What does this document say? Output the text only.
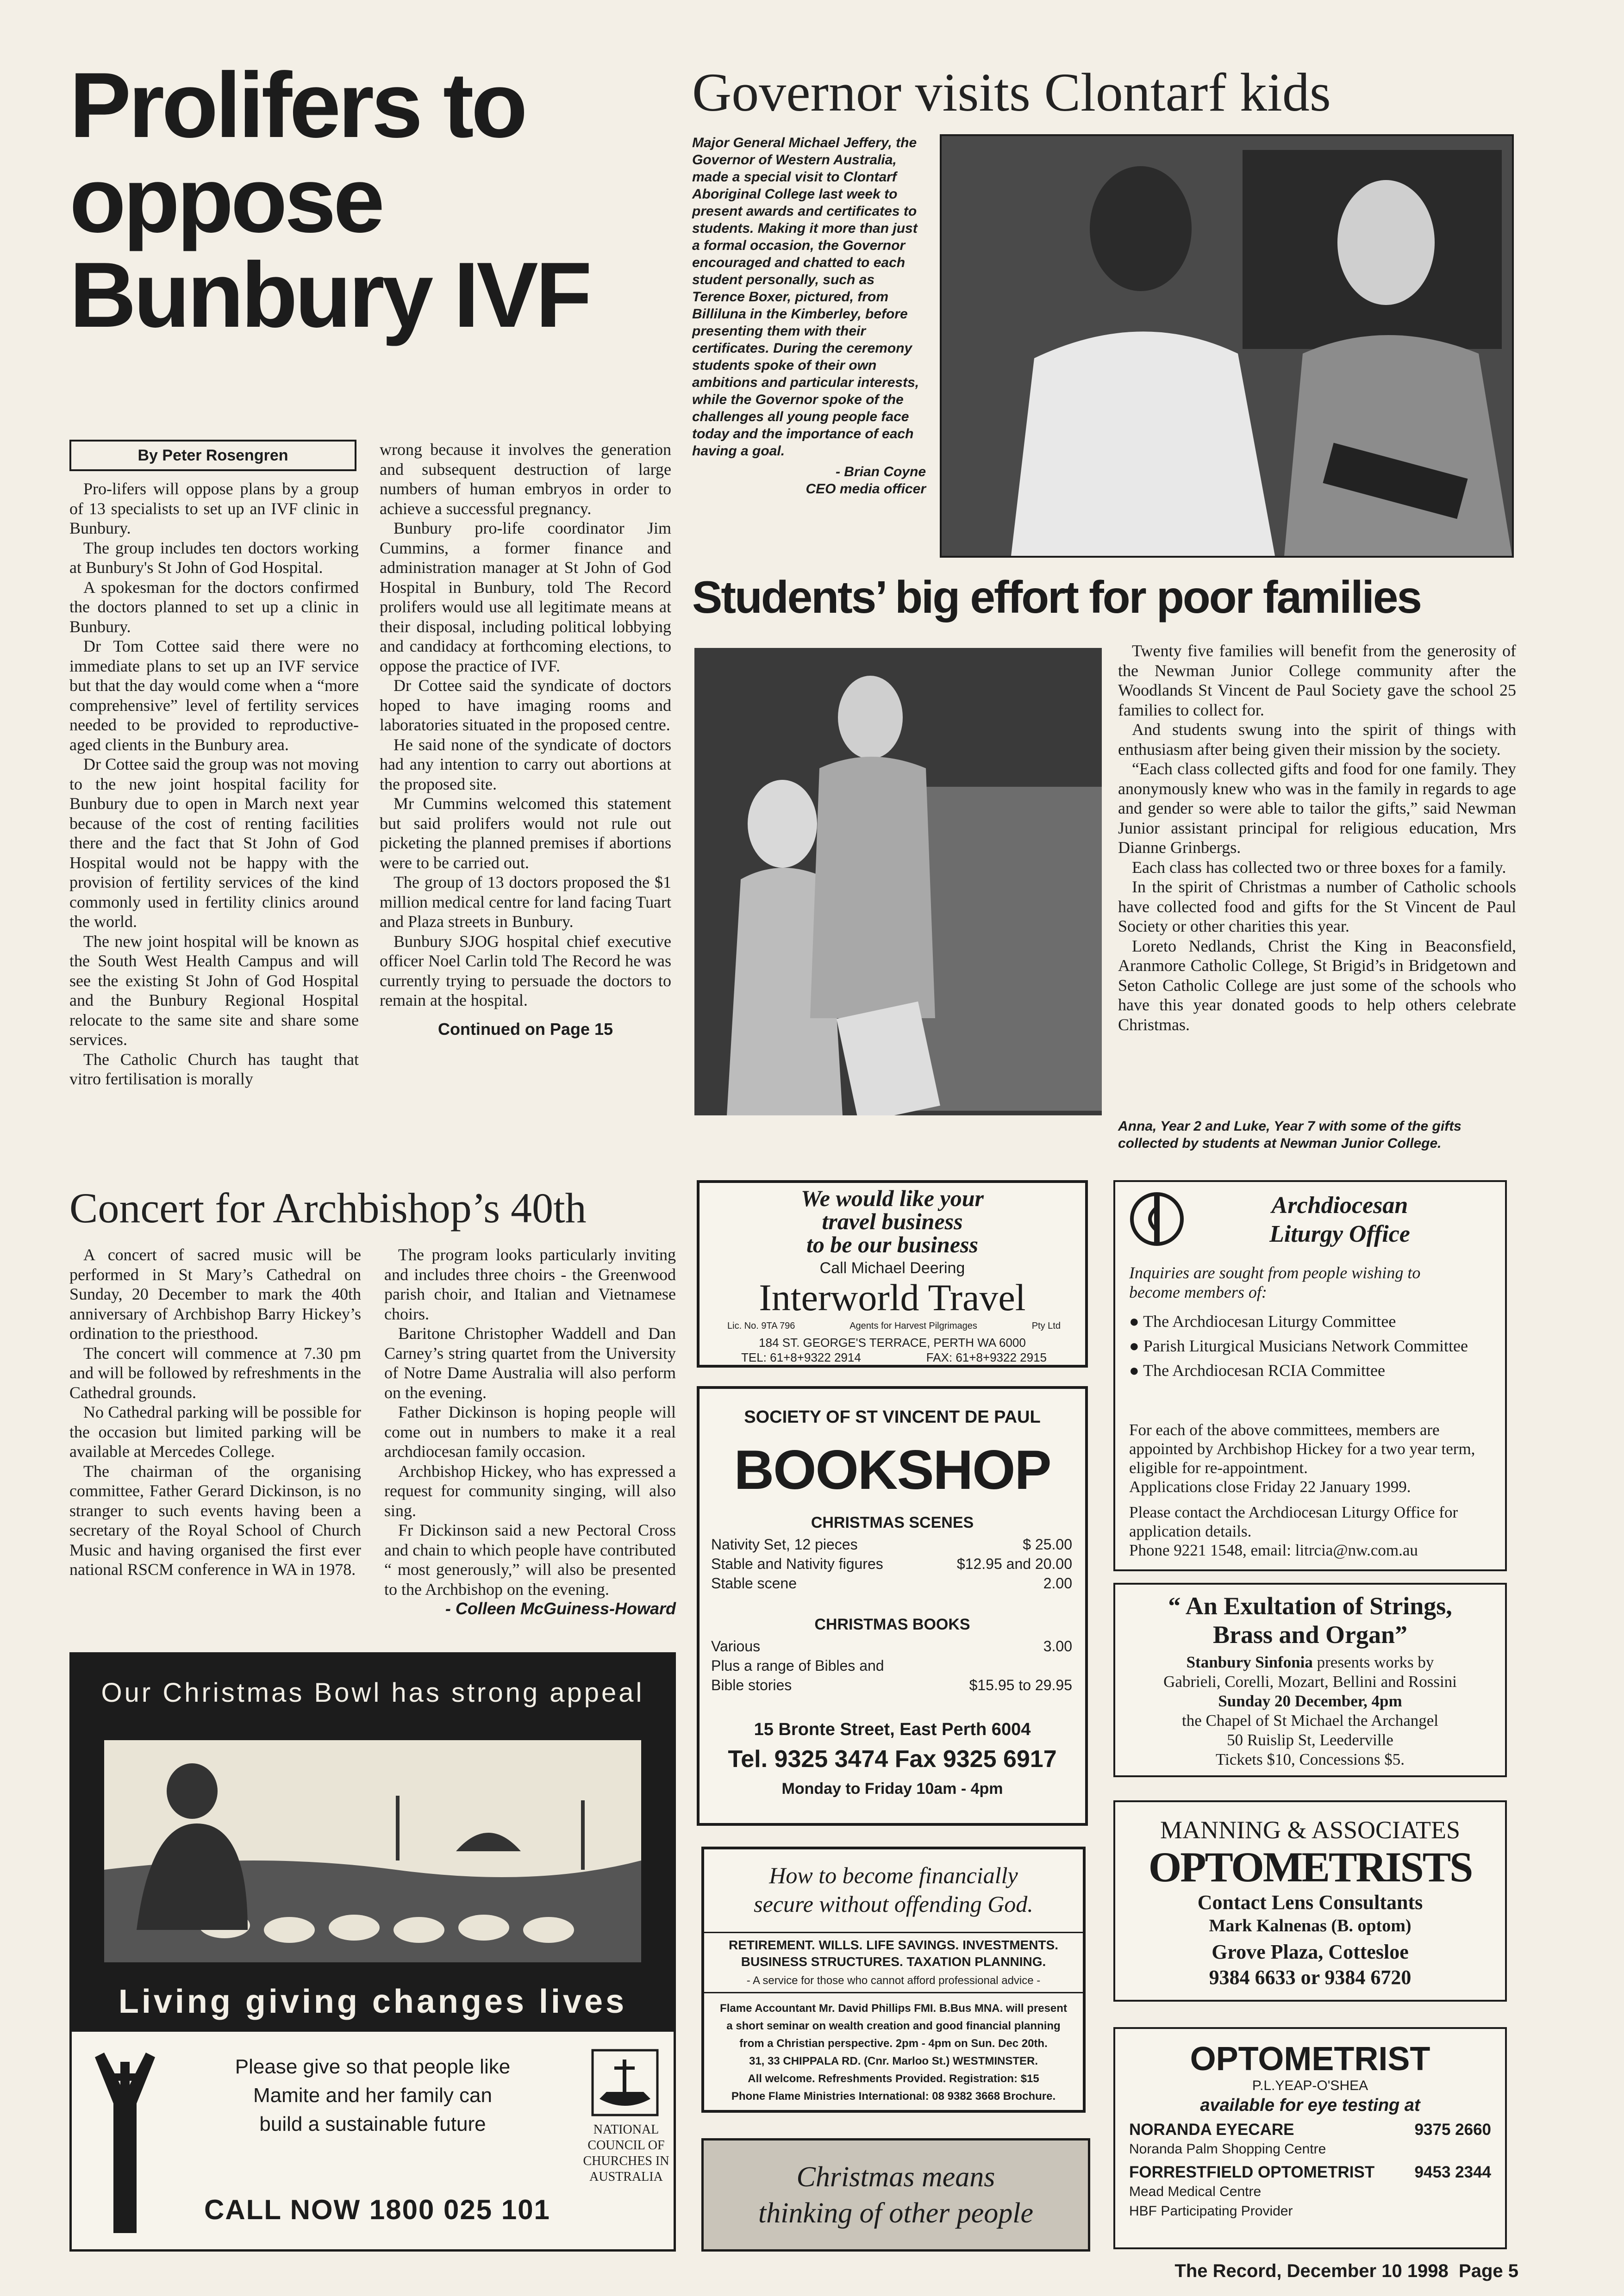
Prolifers to
oppose
Bunbury IVF
By Peter Rosengren

Pro-lifers will oppose plans by a group of 13 specialists to set up an IVF clinic in Bunbury.

The group includes ten doctors working at Bunbury's St John of God Hospital.

A spokesman for the doctors confirmed the doctors planned to set up a clinic in Bunbury.

Dr Tom Cottee said there were no immediate plans to set up an IVF service but that the day would come when a “more comprehensive” level of fertility services needed to be provided to reproductive-aged clients in the Bunbury area.

Dr Cottee said the group was not moving to the new joint hospital facility for Bunbury due to open in March next year because of the cost of renting facilities there and the fact that St John of God Hospital would not be happy with the provision of fertility services of the kind commonly used in fertility clinics around the world.

The new joint hospital will be known as the South West Health Campus and will see the existing St John of God Hospital and the Bunbury Regional Hospital relocate to the same site and share some services.

The Catholic Church has taught that vitro fertilisation is morally

wrong because it involves the generation and subsequent destruction of large numbers of human embryos in order to achieve a successful pregnancy.

Bunbury pro-life coordinator Jim Cummins, a former finance and administration manager at St John of God Hospital in Bunbury, told The Record prolifers would use all legitimate means at their disposal, including political lobbying and candidacy at forthcoming elections, to oppose the practice of IVF.

Dr Cottee said the syndicate of doctors hoped to have imaging rooms and laboratories situated in the proposed centre.

He said none of the syndicate of doctors had any intention to carry out abortions at the proposed site.

Mr Cummins welcomed this statement but said prolifers would not rule out picketing the planned premises if abortions were to be carried out.

The group of 13 doctors proposed the $1 million medical centre for land facing Tuart and Plaza streets in Bunbury.

Bunbury SJOG hospital chief executive officer Noel Carlin told The Record he was currently trying to persuade the doctors to remain at the hospital.

Continued on Page 15

Governor visits Clontarf kids
Major General Michael Jeffery, the Governor of Western Australia, made a special visit to Clontarf Aboriginal College last week to present awards and certificates to students. Making it more than just a formal occasion, the Governor encouraged and chatted to each student personally, such as Terence Boxer, pictured, from Billiluna in the Kimberley, before presenting them with their certificates. During the ceremony students spoke of their own ambitions and particular interests, while the Governor spoke of the challenges all young people face today and the importance of each having a goal.
- Brian Coyne
CEO media officer
Students’ big effort for poor families

Twenty five families will benefit from the generosity of the Newman Junior College community after the Woodlands St Vincent de Paul Society gave the school 25 families to collect for.

And students swung into the spirit of things with enthusiasm after being given their mission by the society.

“Each class collected gifts and food for one family. They anonymously knew who was in the family in regards to age and gender so were able to tailor the gifts,” said Newman Junior assistant principal for religious education, Mrs Dianne Grinbergs.

Each class has collected two or three boxes for a family.

In the spirit of Christmas a number of Catholic schools have collected food and gifts for the St Vincent de Paul Society or other charities this year.

Loreto Nedlands, Christ the King in Beaconsfield, Aranmore Catholic College, St Brigid’s in Bridgetown and Seton Catholic College are just some of the schools who have this year donated goods to help others celebrate Christmas.

Anna, Year 2 and Luke, Year 7 with some of the gifts collected by students at Newman Junior College.
Concert for Archbishop’s 40th

A concert of sacred music will be performed in St Mary’s Cathedral on Sunday, 20 December to mark the 40th anniversary of Archbishop Barry Hickey’s ordination to the priesthood.

The concert will commence at 7.30 pm and will be followed by refreshments in the Cathedral grounds.

No Cathedral parking will be possible for the occasion but limited parking will be available at Mercedes College.

The chairman of the organising committee, Father Gerard Dickinson, is no stranger to such events having been a secretary of the Royal School of Church Music and having organised the first ever national RSCM conference in WA in 1978.

The program looks particularly inviting and includes three choirs - the Greenwood parish choir, and Italian and Vietnamese choirs.

Baritone Christopher Waddell and Dan Carney’s string quartet from the University of Notre Dame Australia will also perform on the evening.

Father Dickinson is hoping people will come out in numbers to make it a real archdiocesan family occasion.

Archbishop Hickey, who has expressed a request for community singing, will also sing.

Fr Dickinson said a new Pectoral Cross and chain to which people have contributed “ most generously,” will also be presented to the Archbishop on the evening.

- Colleen McGuiness-Howard

Our Christmas Bowl has strong appeal
Living giving changes lives
Please give so that people like
Mamite and her family can
build a sustainable future
CALL NOW 1800 025 101
NATIONAL
COUNCIL OF
CHURCHES IN
AUSTRALIA
We would like your
travel business
to be our business
Call Michael Deering
Interworld Travel
Lic. No. 9TA 796	Agents for Harvest Pilgrimages	Pty Ltd
184 ST. GEORGE'S TERRACE, PERTH WA 6000
TEL: 61+8+9322 2914	FAX: 61+8+9322 2915
SOCIETY OF ST VINCENT DE PAUL
BOOKSHOP
CHRISTMAS SCENES
Nativity Set, 12 pieces	$ 25.00
Stable and Nativity figures	$12.95 and 20.00
Stable scene	2.00
CHRISTMAS BOOKS
Various	3.00
Plus a range of Bibles and
Bible stories	$15.95 to 29.95
15 Bronte Street, East Perth 6004
Tel. 9325 3474 Fax 9325 6917
Monday to Friday 10am - 4pm
How to become financially
secure without offending God.
RETIREMENT. WILLS. LIFE SAVINGS. INVESTMENTS.
BUSINESS STRUCTURES. TAXATION PLANNING.
- A service for those who cannot afford professional advice -
Flame Accountant Mr. David Phillips FMI. B.Bus MNA. will present
a short seminar on wealth creation and good financial planning
from a Christian perspective. 2pm - 4pm on Sun. Dec 20th.
31, 33 CHIPPALA RD. (Cnr. Marloo St.) WESTMINSTER.
All welcome. Refreshments Provided. Registration: $15
Phone Flame Ministries International: 08 9382 3668 Brochure.
Christmas means
thinking of other people
Archdiocesan
Liturgy Office
Inquiries are sought from people wishing to
become members of:
● The Archdiocesan Liturgy Committee
● Parish Liturgical Musicians Network Committee
● The Archdiocesan RCIA Committee
For each of the above committees, members are appointed by Archbishop Hickey for a two year term, eligible for re-appointment.
Applications close Friday 22 January 1999.
Please contact the Archdiocesan Liturgy Office for application details.
Phone 9221 1548, email: litrcia@nw.com.au
“ An Exultation of Strings,
Brass and Organ”
Stanbury Sinfonia presents works by
Gabrieli, Corelli, Mozart, Bellini and Rossini
Sunday 20 December, 4pm
the Chapel of St Michael the Archangel
50 Ruislip St, Leederville
Tickets $10, Concessions $5.
MANNING & ASSOCIATES
OPTOMETRISTS
Contact Lens Consultants
Mark Kalnenas (B. optom)
Grove Plaza, Cottesloe
9384 6633 or 9384 6720
OPTOMETRIST
P.L.YEAP-O'SHEA
available for eye testing at
NORANDA EYECARE	9375 2660
Noranda Palm Shopping Centre
FORRESTFIELD OPTOMETRIST 9453 2344
Mead Medical Centre
HBF Participating Provider
The Record, December 10 1998  Page 5
